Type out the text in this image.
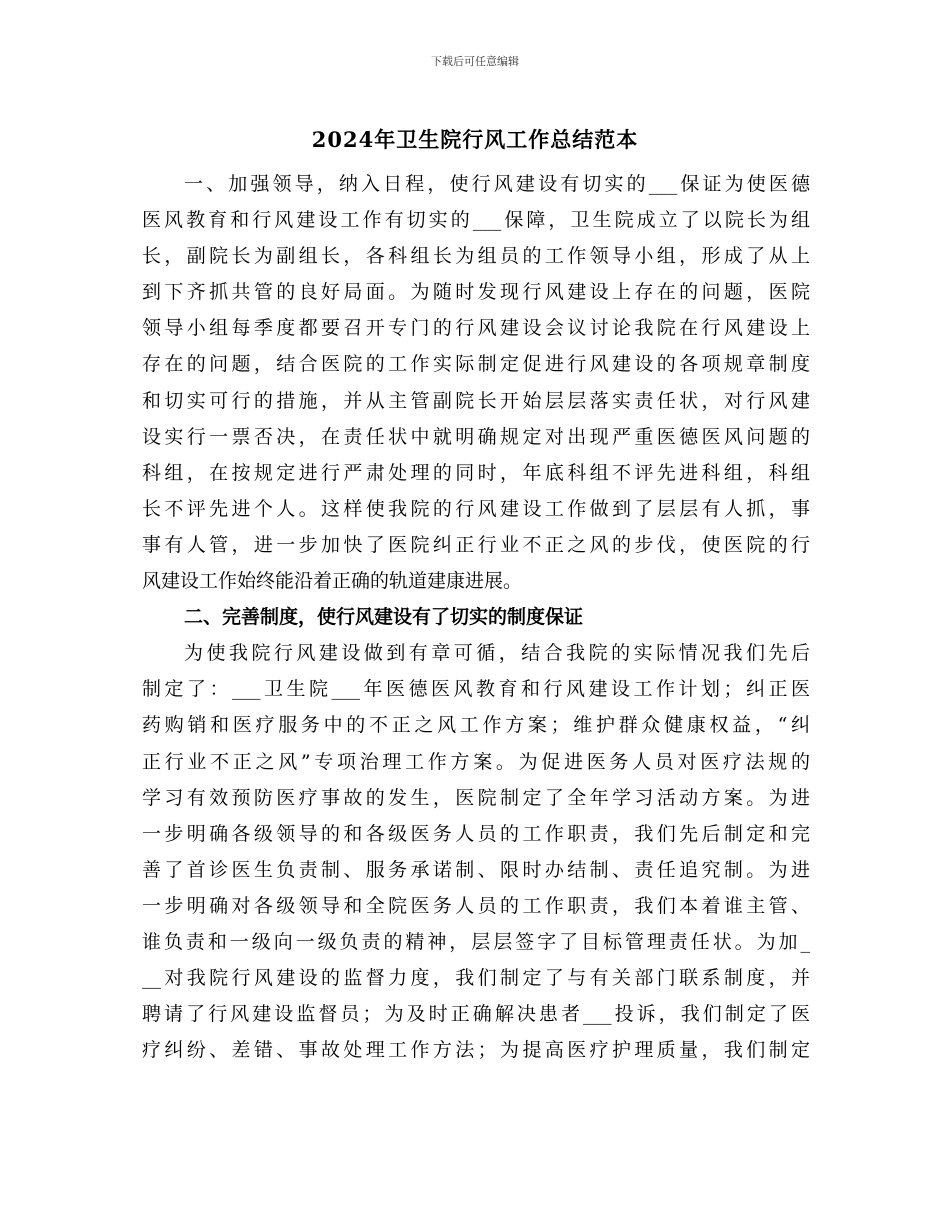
下载后可任意编辑
2024年卫生院行风工作总结范本
一、加强领导，纳入日程，使行风建设有切实的___保证为使医德
医风教育和行风建设工作有切实的___保障，卫生院成立了以院长为组
长，副院长为副组长，各科组长为组员的工作领导小组，形成了从上
到下齐抓共管的良好局面。为随时发现行风建设上存在的问题，医院
领导小组每季度都要召开专门的行风建设会议讨论我院在行风建设上
存在的问题，结合医院的工作实际制定促进行风建设的各项规章制度
和切实可行的措施，并从主管副院长开始层层落实责任状，对行风建
设实行一票否决，在责任状中就明确规定对出现严重医德医风问题的
科组，在按规定进行严肃处理的同时，年底科组不评先进科组，科组
长不评先进个人。这样使我院的行风建设工作做到了层层有人抓，事
事有人管，进一步加快了医院纠正行业不正之风的步伐，使医院的行
风建设工作始终能沿着正确的轨道建康进展。
二、完善制度，使行风建设有了切实的制度保证
为使我院行风建设做到有章可循，结合我院的实际情况我们先后
制定了：___卫生院___年医德医风教育和行风建设工作计划；纠正医
药购销和医疗服务中的不正之风工作方案；维护群众健康权益，“纠
正行业不正之风”专项治理工作方案。为促进医务人员对医疗法规的
学习有效预防医疗事故的发生，医院制定了全年学习活动方案。为进
一步明确各级领导的和各级医务人员的工作职责，我们先后制定和完
善了首诊医生负责制、服务承诺制、限时办结制、责任追究制。为进
一步明确对各级领导和全院医务人员的工作职责，我们本着谁主管、
谁负责和一级向一级负责的精神，层层签字了目标管理责任状。为加_
__对我院行风建设的监督力度，我们制定了与有关部门联系制度，并
聘请了行风建设监督员；为及时正确解决患者___投诉，我们制定了医
疗纠纷、差错、事故处理工作方法；为提高医疗护理质量，我们制定
